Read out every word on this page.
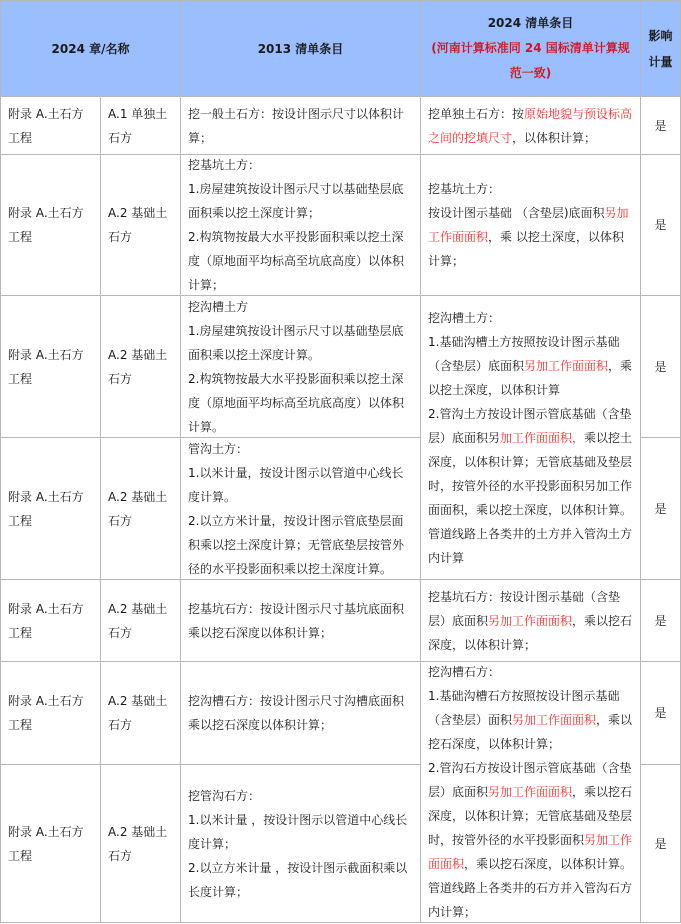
2024 章/名称	2013 清单条目
2024 清单条目
(河南计算标准同 24 国标清单计算规范一致)
影响计量
附录 A.土石方工程
A.1 单独土石方
挖一般土石方：按设计图示尺寸以体积计算；
是
附录 A.土石方工程
A.2 基础土石方
挖基坑土方：
1.房屋建筑按设计图示尺寸以基础垫层底面积乘以挖土深度计算；
2.构筑物按最大水平投影面积乘以挖土深度（原地面平均标高至坑底高度）以体积计算；
是
附录 A.土石方工程
A.2 基础土石方
挖沟槽土方
1.房屋建筑按设计图示尺寸以基础垫层底面积乘以挖土深度计算。
2.构筑物按最大水平投影面积乘以挖土深度（原地面平均标高至坑底高度）以体积计算。
是
附录 A.土石方工程
A.2 基础土石方
管沟土方：
1.以米计量，按设计图示以管道中心线长度计算。
2.以立方米计量，按设计图示管底垫层面积乘以挖土深度计算；无管底垫层按管外径的水平投影面积乘以挖土深度计算。
是
附录 A.土石方工程
A.2 基础土石方
挖基坑石方：按设计图示尺寸基坑底面积乘以挖石深度以体积计算；
是
附录 A.土石方工程
A.2 基础土石方
挖沟槽石方：按设计图示尺寸沟槽底面积乘以挖石深度以体积计算；
是
附录 A.土石方工程
A.2 基础土石方
挖管沟石方：
1.以米计量 ，按设计图示以管道中心线长度计算；
2.以立方米计量 ，按设计图示截面积乘以长度计算；
是
挖单独土石方：按原始地貌与预设标高之间的挖填尺寸，以体积计算；
挖基坑土方：
按设计图示基础 （含垫层)底面积另加工作面面积，乘 以挖土深度，以体积计算；
挖沟槽土方：
1.基础沟槽土方按照按设计图示基础（含垫层）底面积另加工作面面积，乘以挖土深度，以体积计算
2.管沟土方按设计图示管底基础（含垫层）底面积另加工作面面积，乘以挖土深度，以体积计算；无管底基础及垫层时，按管外径的水平投影面积另加工作面面积，乘以挖土深度，以体积计算。管道线路上各类井的土方并入管沟土方内计算
挖基坑石方：按设计图示基础（含垫层）底面积另加工作面面积，乘以挖石深度，以体积计算；
挖沟槽石方：
1.基础沟槽石方按照按设计图示基础（含垫层）面积另加工作面面积，乘以挖石深度，以体积计算；
2.管沟石方按设计图示管底基础（含垫层）底面积另加工作面面积，乘以挖石深度，以体积计算；无管底基础及垫层时，按管外径的水平投影面积另加工作面面积，乘以挖石深度，以体积计算。管道线路上各类井的石方并入管沟石方内计算；
